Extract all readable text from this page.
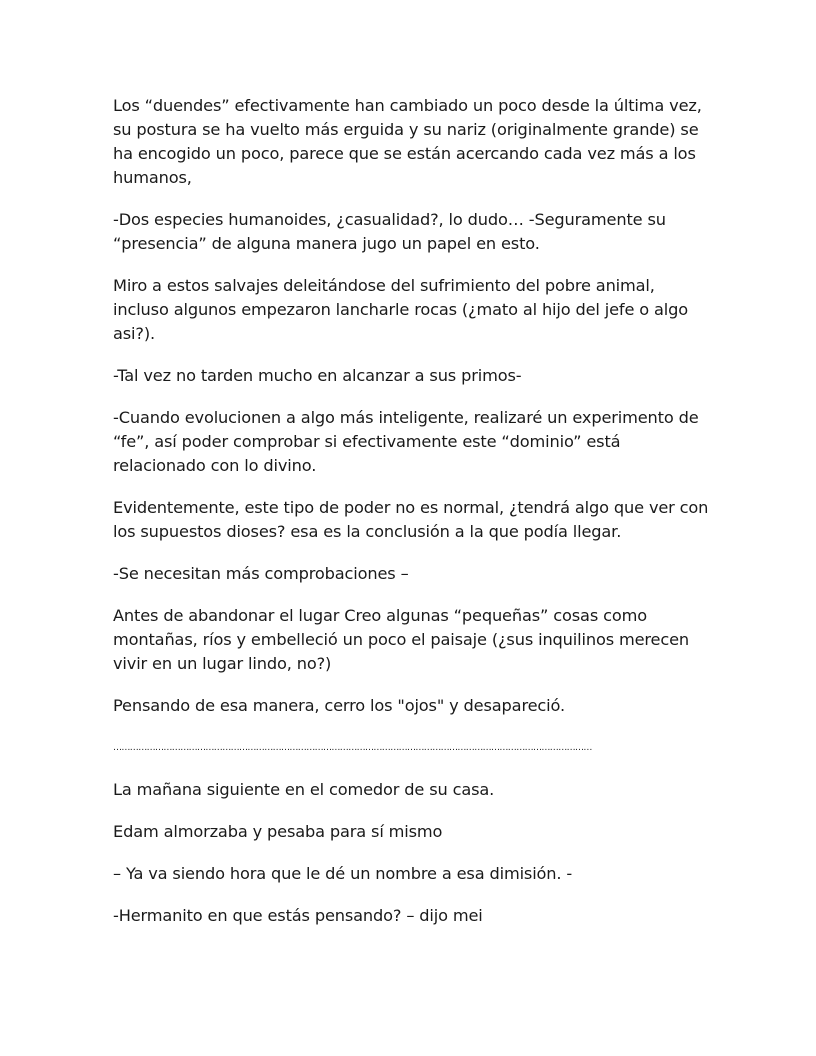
Los “duendes” efectivamente han cambiado un poco desde la última vez, su postura se ha vuelto más erguida y su nariz (originalmente grande) se ha encogido un poco, parece que se están acercando cada vez más a los humanos,

-Dos especies humanoides, ¿casualidad?, lo dudo… -Seguramente su “presencia” de alguna manera jugo un papel en esto.

Miro a estos salvajes deleitándose del sufrimiento del pobre animal, incluso algunos empezaron lancharle rocas (¿mato al hijo del jefe o algo asi?).

-Tal vez no tarden mucho en alcanzar a sus primos-

-Cuando evolucionen a algo más inteligente, realizaré un experimento de “fe”, así poder comprobar si efectivamente este “dominio” está relacionado con lo divino.

Evidentemente, este tipo de poder no es normal, ¿tendrá algo que ver con los supuestos dioses? esa es la conclusión a la que podía llegar.

-Se necesitan más comprobaciones –

Antes de abandonar el lugar Creo algunas “pequeñas” cosas como montañas, ríos y embelleció un poco el paisaje (¿sus inquilinos merecen vivir en un lugar lindo, no?)

Pensando de esa manera, cerro los "ojos" y desapareció.

………………………………………………………………………………………………………………………………………………………

La mañana siguiente en el comedor de su casa.

Edam almorzaba y pesaba para sí mismo

– Ya va siendo hora que le dé un nombre a esa dimisión. -

-Hermanito en que estás pensando? – dijo mei
